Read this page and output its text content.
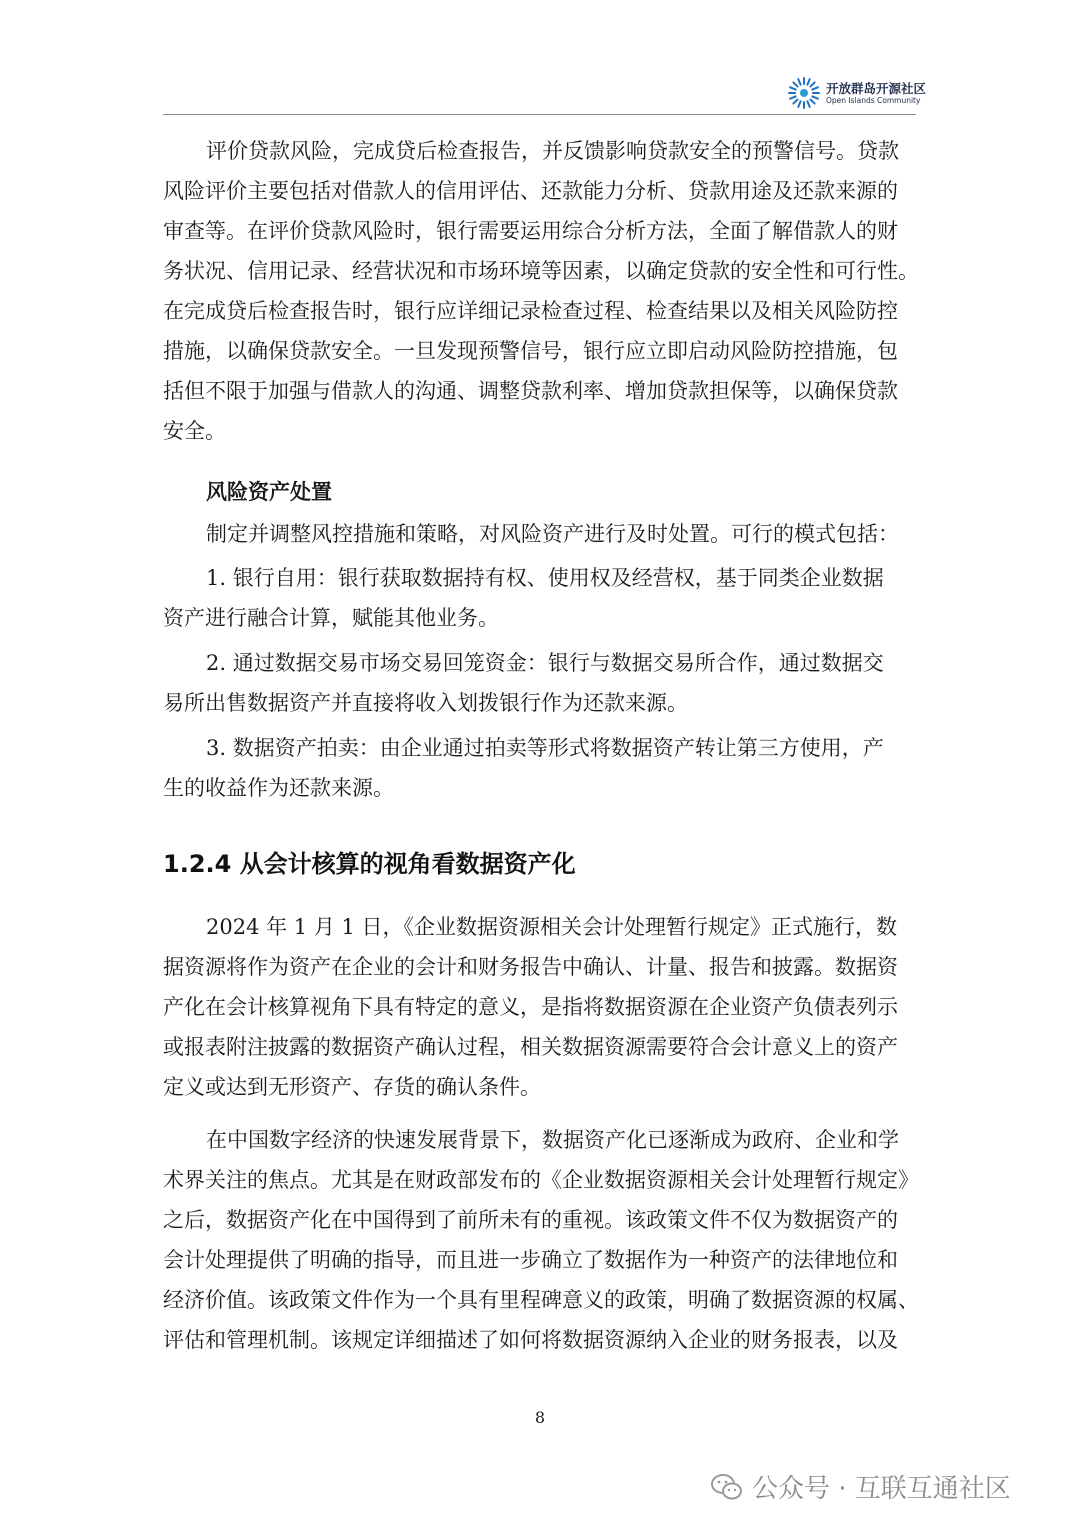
开放群岛开源社区
Open Islands Community
评价贷款风险，完成贷后检查报告，并反馈影响贷款安全的预警信号。贷款
风险评价主要包括对借款人的信用评估、还款能力分析、贷款用途及还款来源的
审查等。在评价贷款风险时，银行需要运用综合分析方法，全面了解借款人的财
务状况、信用记录、经营状况和市场环境等因素，以确定贷款的安全性和可行性。
在完成贷后检查报告时，银行应详细记录检查过程、检查结果以及相关风险防控
措施，以确保贷款安全。一旦发现预警信号，银行应立即启动风险防控措施，包
括但不限于加强与借款人的沟通、调整贷款利率、增加贷款担保等，以确保贷款
安全。
风险资产处置
制定并调整风控措施和策略，对风险资产进行及时处置。可行的模式包括：
1. 银行自用：银行获取数据持有权、使用权及经营权，基于同类企业数据
资产进行融合计算，赋能其他业务。
2. 通过数据交易市场交易回笼资金：银行与数据交易所合作，通过数据交
易所出售数据资产并直接将收入划拨银行作为还款来源。
3. 数据资产拍卖：由企业通过拍卖等形式将数据资产转让第三方使用，产
生的收益作为还款来源。
1.2.4 从会计核算的视角看数据资产化
2024 年 1 月 1 日，《企业数据资源相关会计处理暂行规定》正式施行，数
据资源将作为资产在企业的会计和财务报告中确认、计量、报告和披露。数据资
产化在会计核算视角下具有特定的意义，是指将数据资源在企业资产负债表列示
或报表附注披露的数据资产确认过程，相关数据资源需要符合会计意义上的资产
定义或达到无形资产、存货的确认条件。
在中国数字经济的快速发展背景下，数据资产化已逐渐成为政府、企业和学
术界关注的焦点。尤其是在财政部发布的《企业数据资源相关会计处理暂行规定》
之后，数据资产化在中国得到了前所未有的重视。该政策文件不仅为数据资产的
会计处理提供了明确的指导，而且进一步确立了数据作为一种资产的法律地位和
经济价值。该政策文件作为一个具有里程碑意义的政策，明确了数据资源的权属、
评估和管理机制。该规定详细描述了如何将数据资源纳入企业的财务报表，以及
8
公众号 · 互联互通社区
